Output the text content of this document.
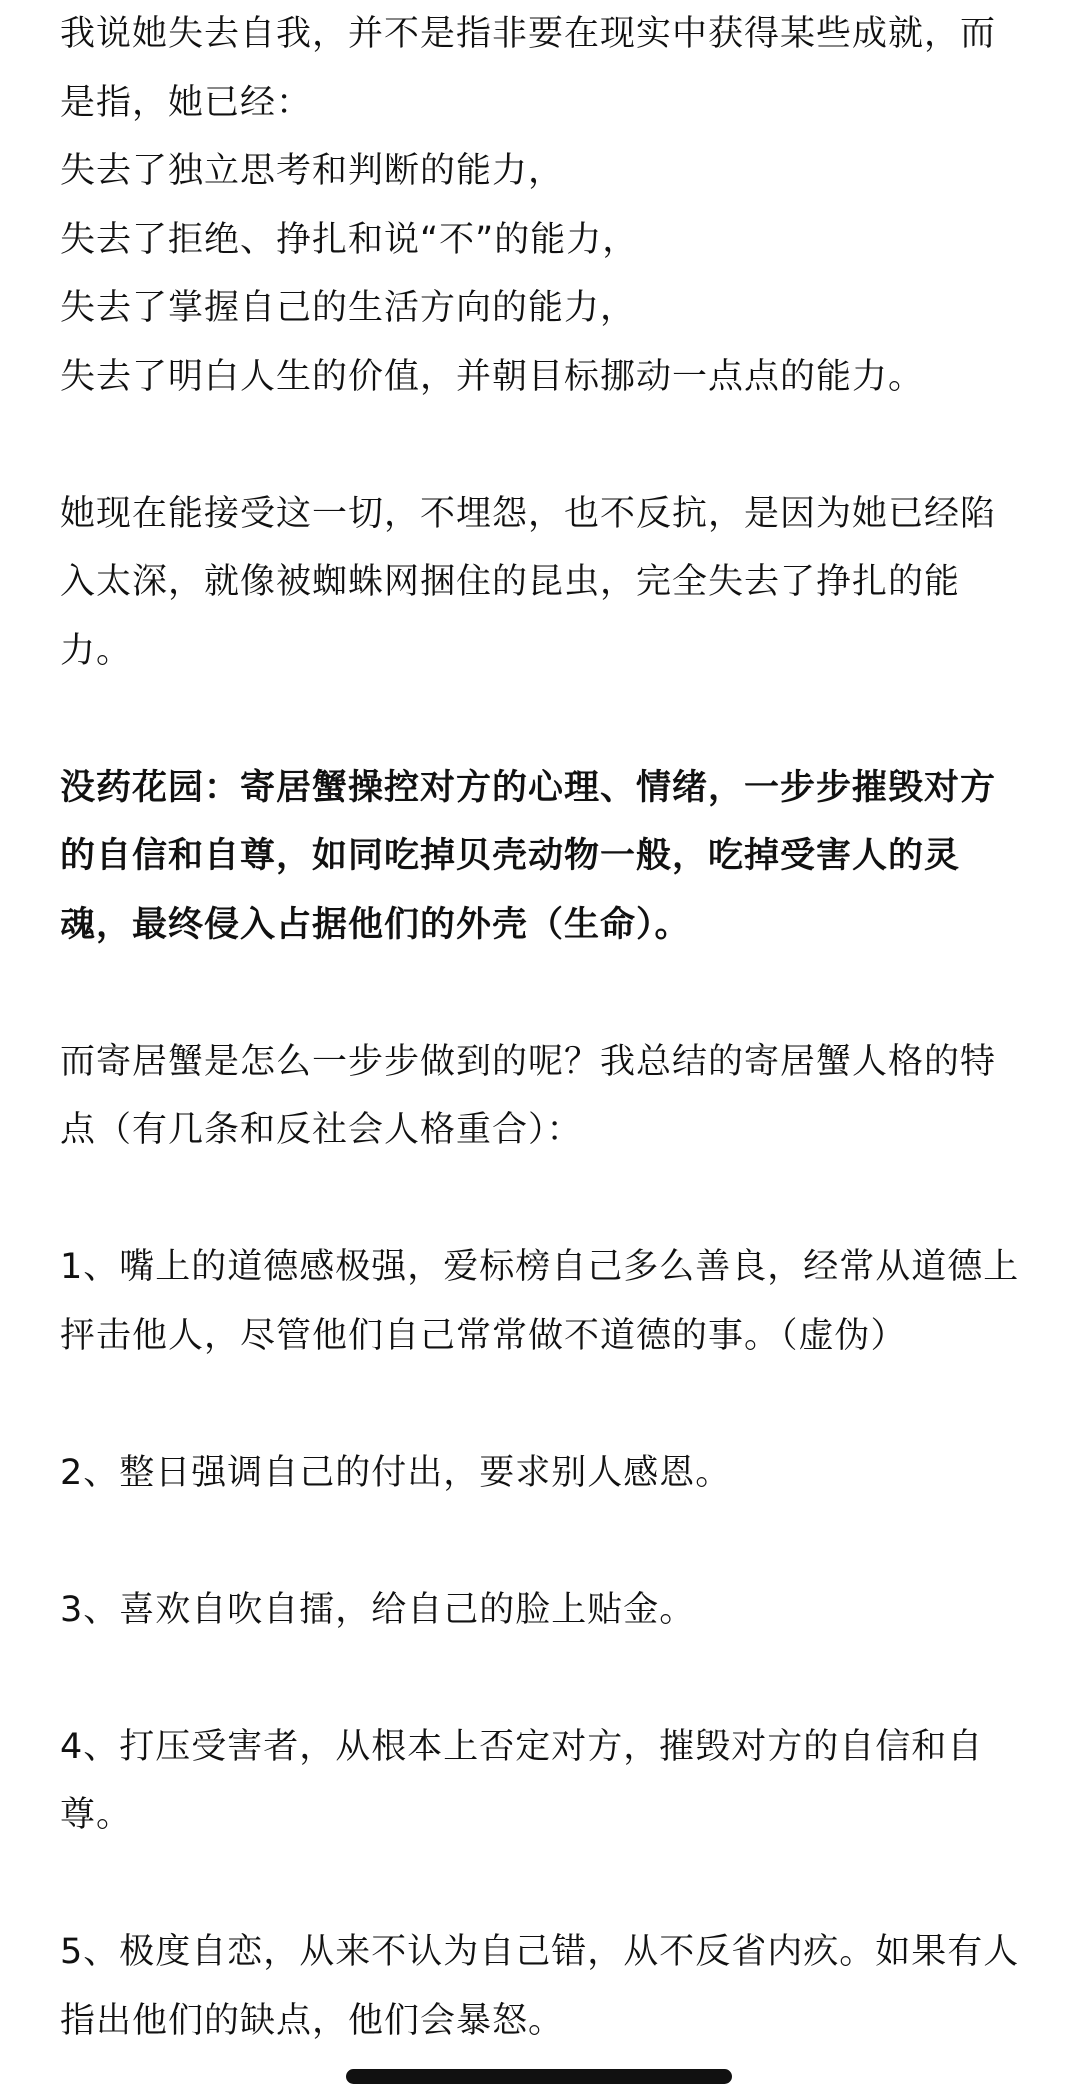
我说她失去自我，并不是指非要在现实中获得某些成就，而是指，她已经：
失去了独立思考和判断的能力，
失去了拒绝、挣扎和说“不”的能力，
失去了掌握自己的生活方向的能力，
失去了明白人生的价值，并朝目标挪动一点点的能力。

她现在能接受这一切，不埋怨，也不反抗，是因为她已经陷入太深，就像被蜘蛛网捆住的昆虫，完全失去了挣扎的能力。

没药花园：寄居蟹操控对方的心理、情绪，一步步摧毁对方的自信和自尊，如同吃掉贝壳动物一般，吃掉受害人的灵魂，最终侵入占据他们的外壳（生命）。

而寄居蟹是怎么一步步做到的呢？我总结的寄居蟹人格的特点（有几条和反社会人格重合）：

1、嘴上的道德感极强，爱标榜自己多么善良，经常从道德上抨击他人，尽管他们自己常常做不道德的事。（虚伪）

2、整日强调自己的付出，要求别人感恩。

3、喜欢自吹自擂，给自己的脸上贴金。

4、打压受害者，从根本上否定对方，摧毁对方的自信和自尊。

5、极度自恋，从来不认为自己错，从不反省内疚。如果有人指出他们的缺点，他们会暴怒。
